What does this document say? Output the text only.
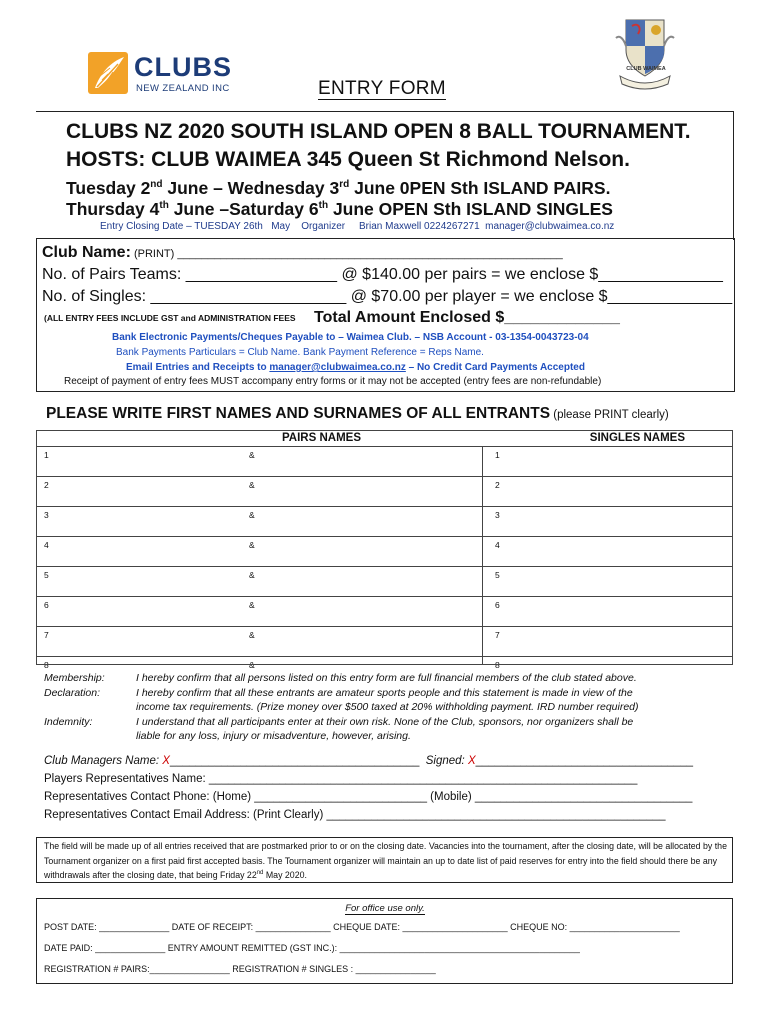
CLUBS
NEW ZEALAND INC
CLUB WAIMEA
ENTRY FORM
CLUBS NZ 2020 SOUTH ISLAND OPEN 8 BALL TOURNAMENT.
HOSTS: CLUB WAIMEA 345 Queen St Richmond Nelson.
Tuesday 2nd June – Wednesday 3rd June 0PEN Sth ISLAND PAIRS.
Thursday 4th June –Saturday 6th June OPEN Sth ISLAND SINGLES
Entry Closing Date – TUESDAY 26th   May    Organizer     Brian Maxwell 0224267271  manager@clubwaimea.co.nz
Club Name: (PRINT) _______________________________________________________________
No. of Pairs Teams: _________________ @ $140.00 per pairs = we enclose $______________
No. of Singles: ______________________ @ $70.00 per player = we enclose $______________
(ALL ENTRY FEES INCLUDE GST and ADMINISTRATION FEES Total Amount Enclosed $_____________
Bank Electronic Payments/Cheques Payable to – Waimea Club. – NSB Account - 03-1354-0043723-04
Bank Payments Particulars = Club Name. Bank Payment Reference = Reps Name.
Email Entries and Receipts to manager@clubwaimea.co.nz – No Credit Card Payments Accepted
Receipt of payment of entry fees MUST accompany entry forms or it may not be accepted (entry fees are non-refundable)
PLEASE WRITE FIRST NAMES AND SURNAMES OF ALL ENTRANTS (please PRINT clearly)
PAIRS NAMES		SINGLES NAMES
1	&	1
2	&	2
3	&	3
4	&	4
5	&	5
6	&	6
7	&	7
8	&	8
Membership:	I hereby confirm that all persons listed on this entry form are full financial members of the club stated above.
Declaration:	I hereby confirm that all these entrants are amateur sports people and this statement is made in view of the
income tax requirements. (Prize money over $500 taxed at 20% withholding payment. IRD number required)
Indemnity:	I understand that all participants enter at their own risk. None of the Club, sponsors, nor organizers shall be
liable for any loss, injury or misadventure, however, arising.
Club Managers Name: X_______________________________________  Signed: X__________________________________
Players Representatives Name: ___________________________________________________________________
Representatives Contact Phone: (Home) ___________________________ (Mobile) __________________________________
Representatives Contact Email Address: (Print Clearly) _____________________________________________________
The field will be made up of all entries received that are postmarked prior to or on the closing date. Vacancies into the tournament, after the closing date, will be allocated by the Tournament organizer on a first paid first accepted basis. The Tournament organizer will maintain an up to date list of paid reserves for entry into the field should there be any withdrawals after the closing date, that being Friday 22nd May 2020.
For office use only.
POST DATE: ______________ DATE OF RECEIPT: _______________ CHEQUE DATE: _____________________ CHEQUE NO: ______________________
DATE PAID: ______________ ENTRY AMOUNT REMITTED (GST INC.): ________________________________________________
REGISTRATION # PAIRS:________________ REGISTRATION # SINGLES : ________________
